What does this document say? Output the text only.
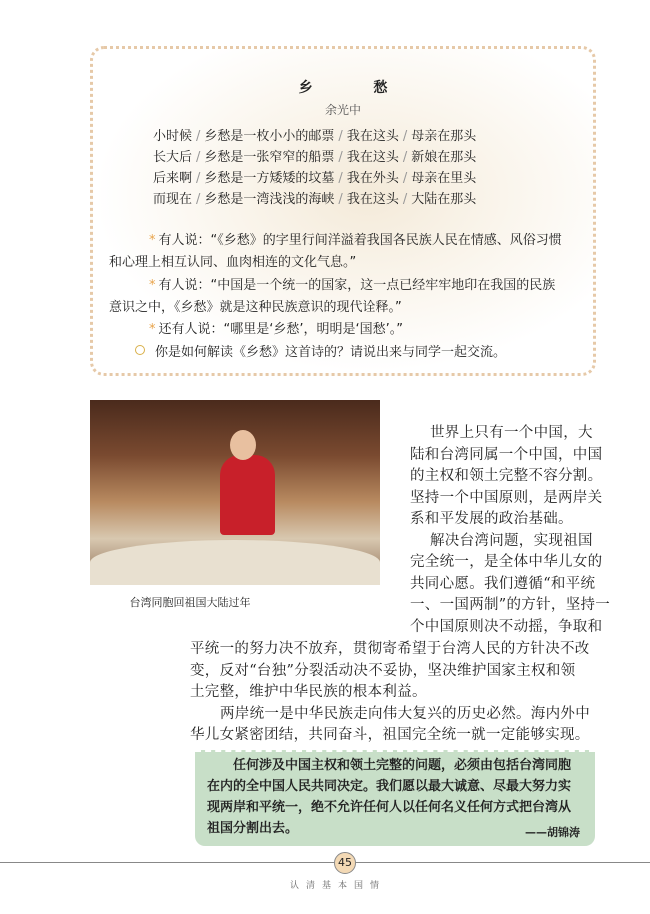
乡 愁
余光中
小时候 / 乡愁是一枚小小的邮票 / 我在这头 / 母亲在那头
长大后 / 乡愁是一张窄窄的船票 / 我在这头 / 新娘在那头
后来啊 / 乡愁是一方矮矮的坟墓 / 我在外头 / 母亲在里头
而现在 / 乡愁是一湾浅浅的海峡 / 我在这头 / 大陆在那头
* 有人说：“《乡愁》的字里行间洋溢着我国各民族人民在情感、风俗习惯
和心理上相互认同、血肉相连的文化气息。”
* 有人说：“中国是一个统一的国家，这一点已经牢牢地印在我国的民族
意识之中，《乡愁》就是这种民族意识的现代诠释。”
* 还有人说：“哪里是‘乡愁’，明明是‘国愁’。”
你是如何解读《乡愁》这首诗的？请说出来与同学一起交流。
台湾同胞回祖国大陆过年
世界上只有一个中国，大
陆和台湾同属一个中国，中国
的主权和领土完整不容分割。
坚持一个中国原则，是两岸关
系和平发展的政治基础。
解决台湾问题，实现祖国
完全统一，是全体中华儿女的
共同心愿。我们遵循“和平统
一、一国两制”的方针，坚持一
个中国原则决不动摇，争取和
平统一的努力决不放弃，贯彻寄希望于台湾人民的方针决不改
变，反对“台独”分裂活动决不妥协，坚决维护国家主权和领
土完整，维护中华民族的根本利益。
两岸统一是中华民族走向伟大复兴的历史必然。海内外中
华儿女紧密团结，共同奋斗，祖国完全统一就一定能够实现。
任何涉及中国主权和领土完整的问题，必须由包括台湾同胞
在内的全中国人民共同决定。我们愿以最大诚意、尽最大努力实
现两岸和平统一，绝不允许任何人以任何名义任何方式把台湾从
祖国分割出去。	——胡锦涛
45
认清基本国情
